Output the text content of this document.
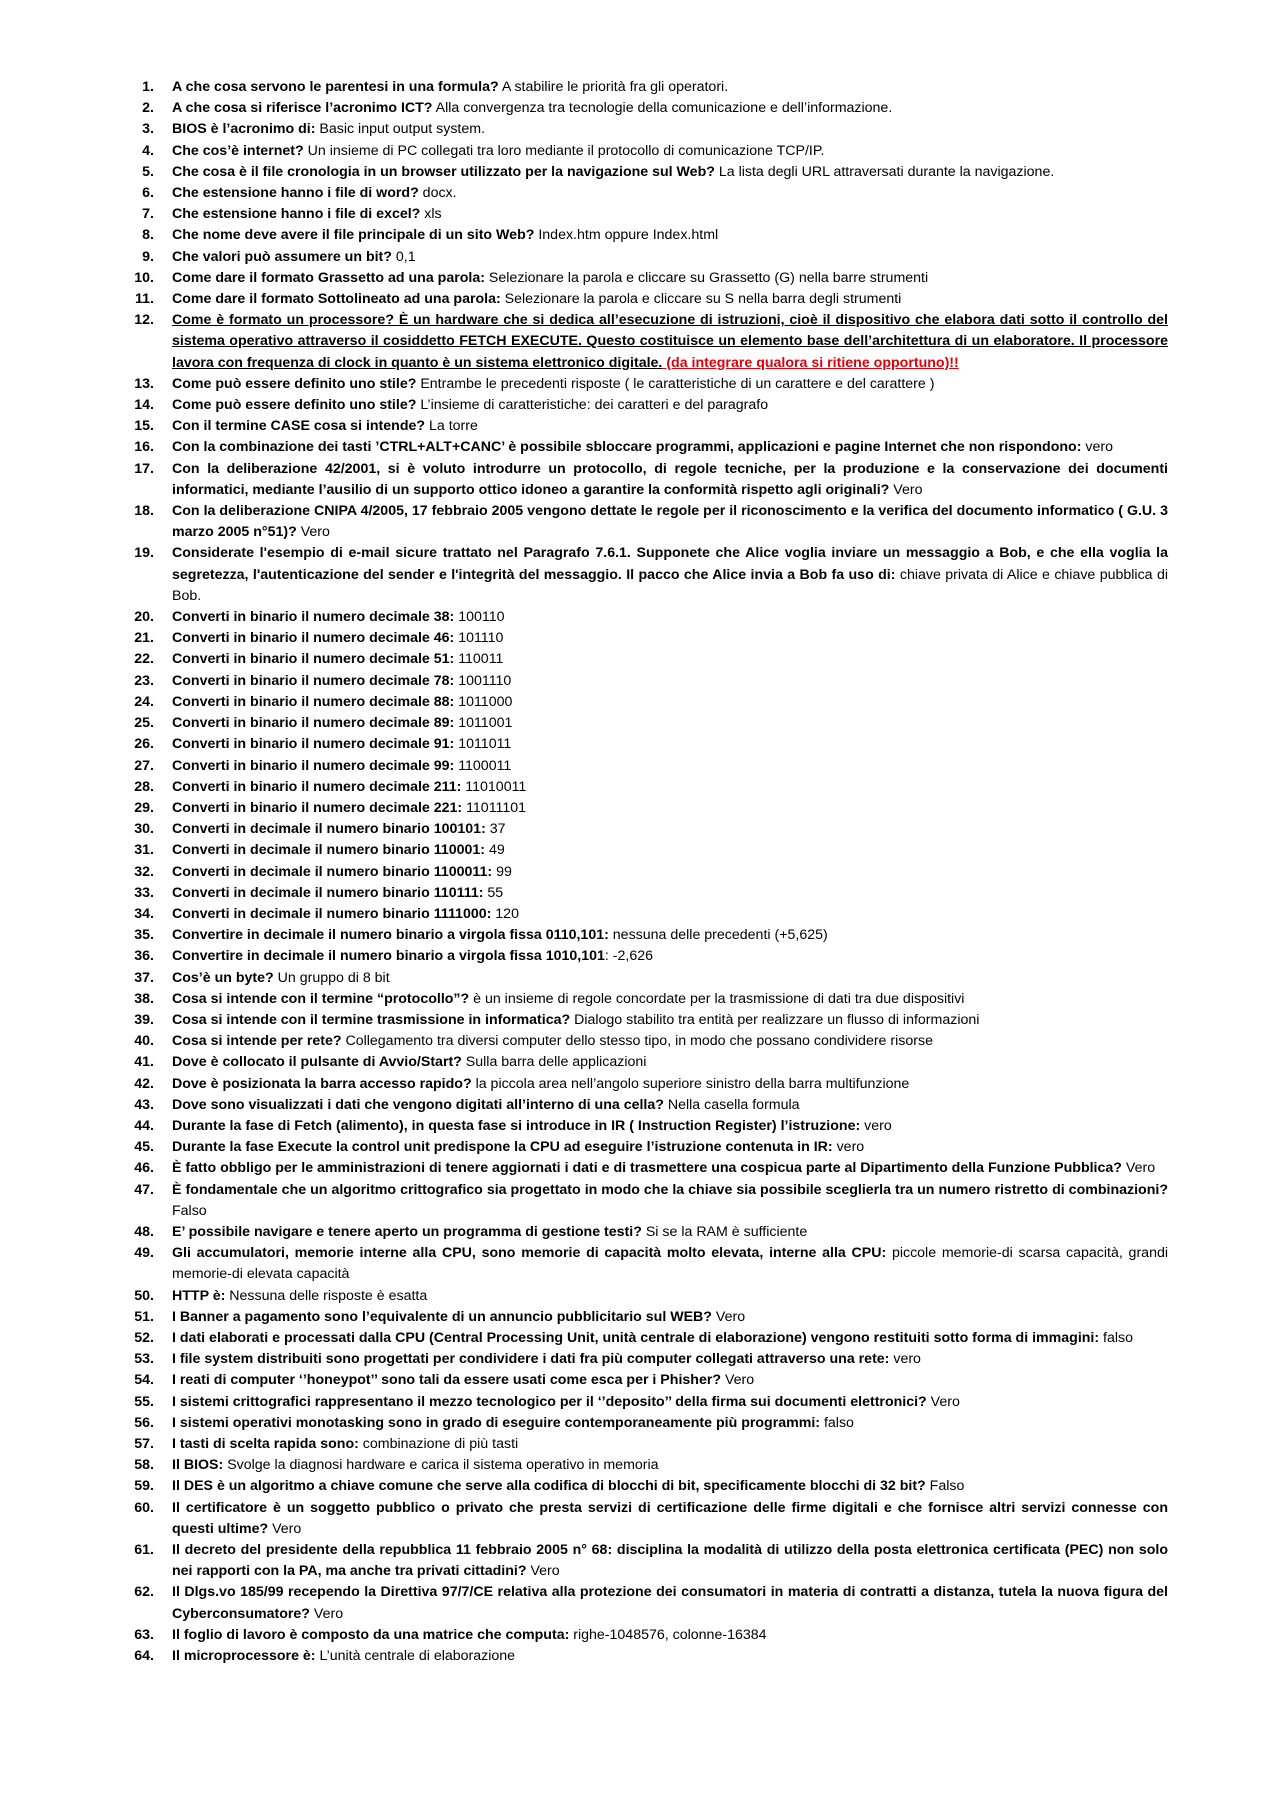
1.	A che cosa servono le parentesi in una formula? A stabilire le priorità fra gli operatori.
2.	A che cosa si riferisce l’acronimo ICT? Alla convergenza tra tecnologie della comunicazione e dell’informazione.
3.	BIOS è l’acronimo di: Basic input output system.
4.	Che cos’è internet? Un insieme di PC collegati tra loro mediante il protocollo di comunicazione TCP/IP.
5.	Che cosa è il file cronologia in un browser utilizzato per la navigazione sul Web? La lista degli URL attraversati durante la navigazione.
6.	Che estensione hanno i file di word? docx.
7.	Che estensione hanno i file di excel? xls
8.	Che nome deve avere il file principale di un sito Web? Index.htm oppure Index.html
9.	Che valori può assumere un bit? 0,1
10.	Come dare il formato Grassetto ad una parola: Selezionare la parola e cliccare su Grassetto (G) nella barre strumenti
11.	Come dare il formato Sottolineato ad una parola: Selezionare la parola e cliccare su S nella barra degli strumenti
12.	Come è formato un processore? È un hardware che si dedica all’esecuzione di istruzioni, cioè il dispositivo che elabora dati sotto il controllo del sistema operativo attraverso il cosiddetto FETCH EXECUTE. Questo costituisce un elemento base dell’architettura di un elaboratore. Il processore lavora con frequenza di clock in quanto è un sistema elettronico digitale. (da integrare qualora si ritiene opportuno)!!
13.	Come può essere definito uno stile? Entrambe le precedenti risposte ( le caratteristiche di un carattere e del carattere )
14.	Come può essere definito uno stile? L’insieme di caratteristiche: dei caratteri e del paragrafo
15.	Con il termine CASE cosa si intende? La torre
16.	Con la combinazione dei tasti ’CTRL+ALT+CANC’ è possibile sbloccare programmi, applicazioni e pagine Internet che non rispondono: vero
17.	Con la deliberazione 42/2001, si è voluto introdurre un protocollo, di regole tecniche, per la produzione e la conservazione dei documenti informatici, mediante l’ausilio di un supporto ottico idoneo a garantire la conformità rispetto agli originali? Vero
18.	Con la deliberazione CNIPA 4/2005, 17 febbraio 2005 vengono dettate le regole per il riconoscimento e la verifica del documento informatico ( G.U. 3 marzo 2005 n°51)? Vero
19.	Considerate l'esempio di e-mail sicure trattato nel Paragrafo 7.6.1. Supponete che Alice voglia inviare un messaggio a Bob, e che ella voglia la segretezza, l'autenticazione del sender e l'integrità del messaggio. Il pacco che Alice invia a Bob fa uso di: chiave privata di Alice e chiave pubblica di Bob.
20.	Converti in binario il numero decimale 38: 100110
21.	Converti in binario il numero decimale 46: 101110
22.	Converti in binario il numero decimale 51: 110011
23.	Converti in binario il numero decimale 78: 1001110
24.	Converti in binario il numero decimale 88: 1011000
25.	Converti in binario il numero decimale 89: 1011001
26.	Converti in binario il numero decimale 91: 1011011
27.	Converti in binario il numero decimale 99: 1100011
28.	Converti in binario il numero decimale 211: 11010011
29.	Converti in binario il numero decimale 221: 11011101
30.	Converti in decimale il numero binario 100101: 37
31.	Converti in decimale il numero binario 110001: 49
32.	Converti in decimale il numero binario 1100011: 99
33.	Converti in decimale il numero binario 110111: 55
34.	Converti in decimale il numero binario 1111000: 120
35.	Convertire in decimale il numero binario a virgola fissa 0110,101: nessuna delle precedenti (+5,625)
36.	Convertire in decimale il numero binario a virgola fissa 1010,101: -2,626
37.	Cos’è un byte? Un gruppo di 8 bit
38.	Cosa si intende con il termine “protocollo”? è un insieme di regole concordate per la trasmissione di dati tra due dispositivi
39.	Cosa si intende con il termine trasmissione in informatica? Dialogo stabilito tra entità per realizzare un flusso di informazioni
40.	Cosa si intende per rete? Collegamento tra diversi computer dello stesso tipo, in modo che possano condividere risorse
41.	Dove è collocato il pulsante di Avvio/Start? Sulla barra delle applicazioni
42.	Dove è posizionata la barra accesso rapido? la piccola area nell’angolo superiore sinistro della barra multifunzione
43.	Dove sono visualizzati i dati che vengono digitati all’interno di una cella? Nella casella formula
44.	Durante la fase di Fetch (alimento), in questa fase si introduce in IR ( Instruction Register) l’istruzione: vero
45.	Durante la fase Execute la control unit predispone la CPU ad eseguire l’istruzione contenuta in IR: vero
46.	È fatto obbligo per le amministrazioni di tenere aggiornati i dati e di trasmettere una cospicua parte al Dipartimento della Funzione Pubblica? Vero
47.	È fondamentale che un algoritmo crittografico sia progettato in modo che la chiave sia possibile sceglierla tra un numero ristretto di combinazioni? Falso
48.	E’ possibile navigare e tenere aperto un programma di gestione testi? Si se la RAM è sufficiente
49.	Gli accumulatori, memorie interne alla CPU, sono memorie di capacità molto elevata, interne alla CPU: piccole memorie-di scarsa capacità, grandi memorie-di elevata capacità
50.	HTTP è: Nessuna delle risposte è esatta
51.	I Banner a pagamento sono l’equivalente di un annuncio pubblicitario sul WEB? Vero
52.	I dati elaborati e processati dalla CPU (Central Processing Unit, unità centrale di elaborazione) vengono restituiti sotto forma di immagini: falso
53.	I file system distribuiti sono progettati per condividere i dati fra più computer collegati attraverso una rete: vero
54.	I reati di computer ‘’honeypot’’ sono tali da essere usati come esca per i Phisher? Vero
55.	I sistemi crittografici rappresentano il mezzo tecnologico per il ‘’deposito’’ della firma sui documenti elettronici? Vero
56.	I sistemi operativi monotasking sono in grado di eseguire contemporaneamente più programmi: falso
57.	I tasti di scelta rapida sono: combinazione di più tasti
58.	Il BIOS: Svolge la diagnosi hardware e carica il sistema operativo in memoria
59.	Il DES è un algoritmo a chiave comune che serve alla codifica di blocchi di bit, specificamente blocchi di 32 bit? Falso
60.	Il certificatore è un soggetto pubblico o privato che presta servizi di certificazione delle firme digitali e che fornisce altri servizi connesse con questi ultime? Vero
61.	Il decreto del presidente della repubblica 11 febbraio 2005 n° 68: disciplina la modalità di utilizzo della posta elettronica certificata (PEC) non solo nei rapporti con la PA, ma anche tra privati cittadini? Vero
62.	Il Dlgs.vo 185/99 recependo la Direttiva 97/7/CE relativa alla protezione dei consumatori in materia di contratti a distanza, tutela la nuova figura del Cyberconsumatore? Vero
63.	Il foglio di lavoro è composto da una matrice che computa: righe-1048576, colonne-16384
64.	Il microprocessore è: L’unità centrale di elaborazione
